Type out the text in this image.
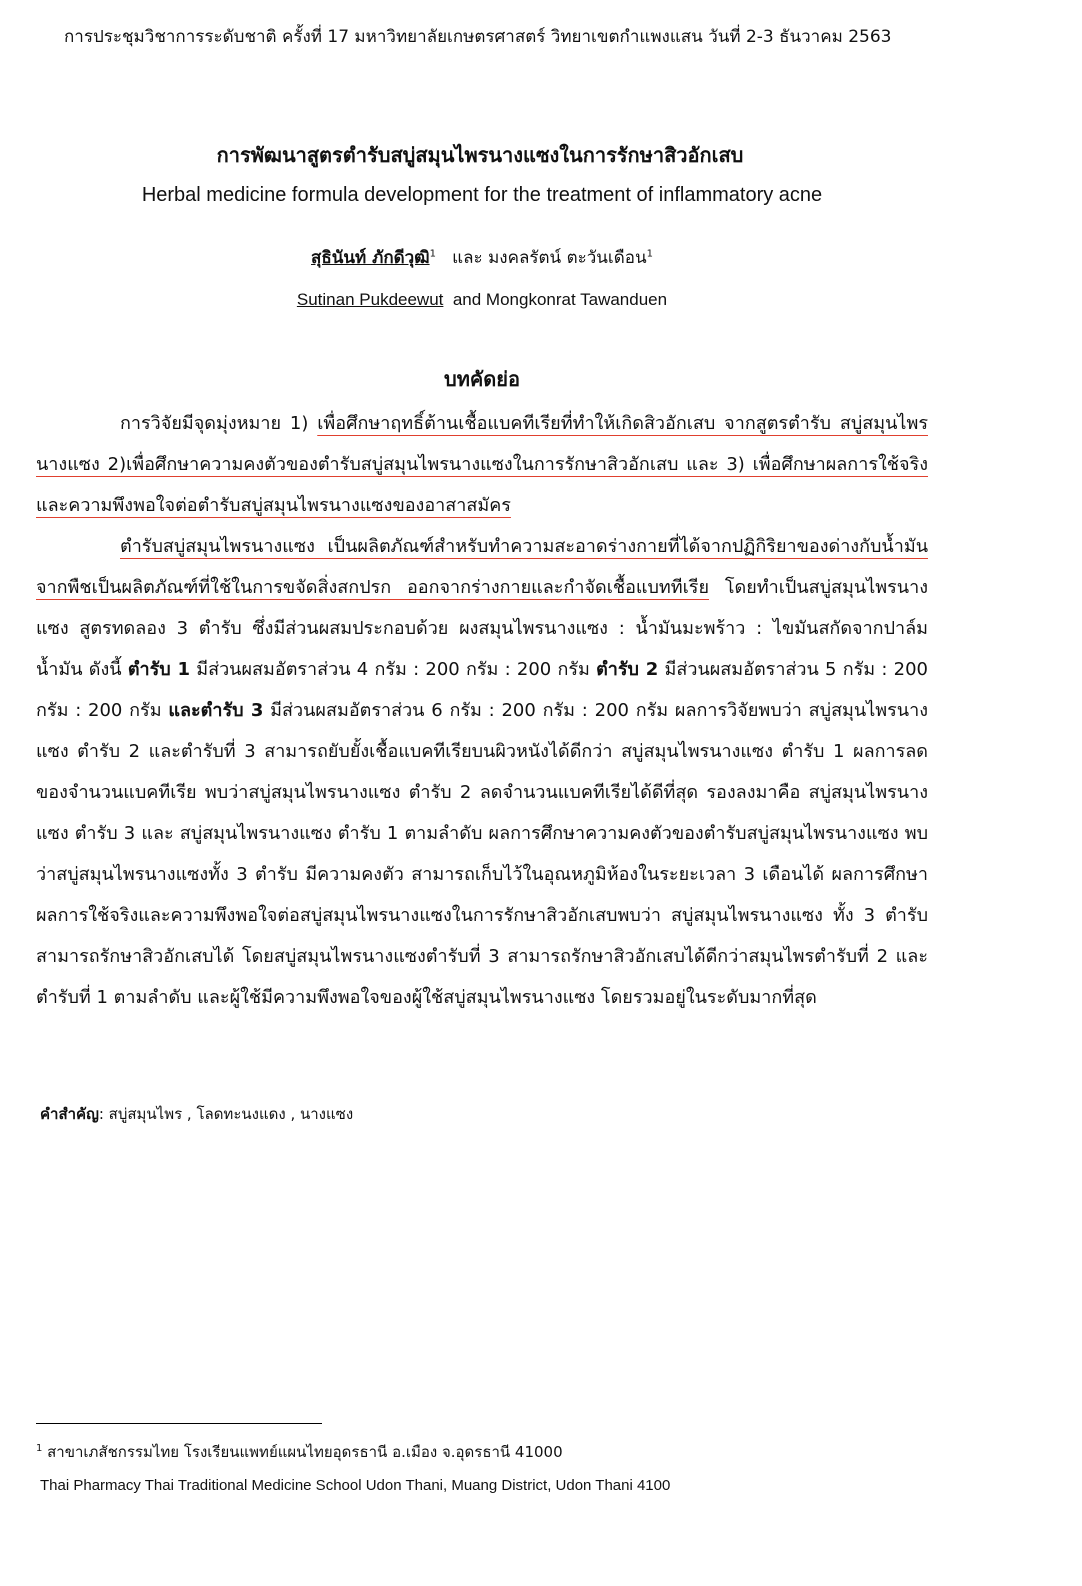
การประชุมวิชาการระดับชาติ ครั้งที่ 17 มหาวิทยาลัยเกษตรศาสตร์ วิทยาเขตกำแพงแสน วันที่ 2-3 ธันวาคม 2563
การพัฒนาสูตรตำรับสบู่สมุนไพรนางแซงในการรักษาสิวอักเสบ
Herbal medicine formula development for the treatment of inflammatory acne
สุธินันท์ ภักดีวุฒิ$^1$ และ มงคลรัตน์ ตะวันเดือน$^1$
Sutinan Pukdeewut and Mongkonrat Tawanduen
บทคัดย่อ

การวิจัยมีจุดมุ่งหมาย 1) เพื่อศึกษาฤทธิ์ต้านเชื้อแบคทีเรียที่ทำให้เกิดสิวอักเสบ จากสูตรตำรับ สบู่สมุนไพรนางแซง 2)เพื่อศึกษาความคงตัวของตำรับสบู่สมุนไพรนางแซงในการรักษาสิวอักเสบ และ 3) เพื่อศึกษาผลการใช้จริงและความพึงพอใจต่อตำรับสบู่สมุนไพรนางแซงของอาสาสมัคร

ตำรับสบู่สมุนไพรนางแซง เป็นผลิตภัณฑ์สำหรับทำความสะอาดร่างกายที่ได้จากปฏิกิริยาของด่างกับน้ำมันจากพืชเป็นผลิตภัณฑ์ที่ใช้ในการขจัดสิ่งสกปรก ออกจากร่างกายและกำจัดเชื้อแบททีเรีย โดยทำเป็นสบู่สมุนไพรนางแซง สูตรทดลอง 3 ตำรับ ซึ่งมีส่วนผสมประกอบด้วย ผงสมุนไพรนางแซง : น้ำมันมะพร้าว : ไขมันสกัดจากปาล์มน้ำมัน ดังนี้ ตำรับ 1 มีส่วนผสมอัตราส่วน 4 กรัม : 200 กรัม : 200 กรัม ตำรับ 2 มีส่วนผสมอัตราส่วน 5 กรัม : 200 กรัม : 200 กรัม และตำรับ 3 มีส่วนผสมอัตราส่วน 6 กรัม : 200 กรัม : 200 กรัม ผลการวิจัยพบว่า สบู่สมุนไพรนางแซง ตำรับ 2 และตำรับที่ 3 สามารถยับยั้งเชื้อแบคทีเรียบนผิวหนังได้ดีกว่า สบู่สมุนไพรนางแซง ตำรับ 1 ผลการลดของจำนวนแบคทีเรีย พบว่าสบู่สมุนไพรนางแซง ตำรับ 2 ลดจำนวนแบคทีเรียได้ดีที่สุด รองลงมาคือ สบู่สมุนไพรนางแซง ตำรับ 3 และ สบู่สมุนไพรนางแซง ตำรับ 1 ตามลำดับ ผลการศึกษาความคงตัวของตำรับสบู่สมุนไพรนางแซง พบว่าสบู่สมุนไพรนางแซงทั้ง 3 ตำรับ มีความคงตัว สามารถเก็บไว้ในอุณหภูมิห้องในระยะเวลา 3 เดือนได้ ผลการศึกษาผลการใช้จริงและความพึงพอใจต่อสบู่สมุนไพรนางแซงในการรักษาสิวอักเสบพบว่า สบู่สมุนไพรนางแซง ทั้ง 3 ตำรับ สามารถรักษาสิวอักเสบได้ โดยสบู่สมุนไพรนางแซงตำรับที่ 3 สามารถรักษาสิวอักเสบได้ดีกว่าสมุนไพรตำรับที่ 2 และตำรับที่ 1 ตามลำดับ และผู้ใช้มีความพึงพอใจของผู้ใช้สบู่สมุนไพรนางแซง โดยรวมอยู่ในระดับมากที่สุด

คำสำคัญ: สบู่สมุนไพร , โลดทะนงแดง , นางแซง
$^1$ สาขาเภสัชกรรมไทย โรงเรียนแพทย์แผนไทยอุดรธานี อ.เมือง จ.อุดรธานี 41000
Thai Pharmacy Thai Traditional Medicine School Udon Thani, Muang District, Udon Thani 4100
